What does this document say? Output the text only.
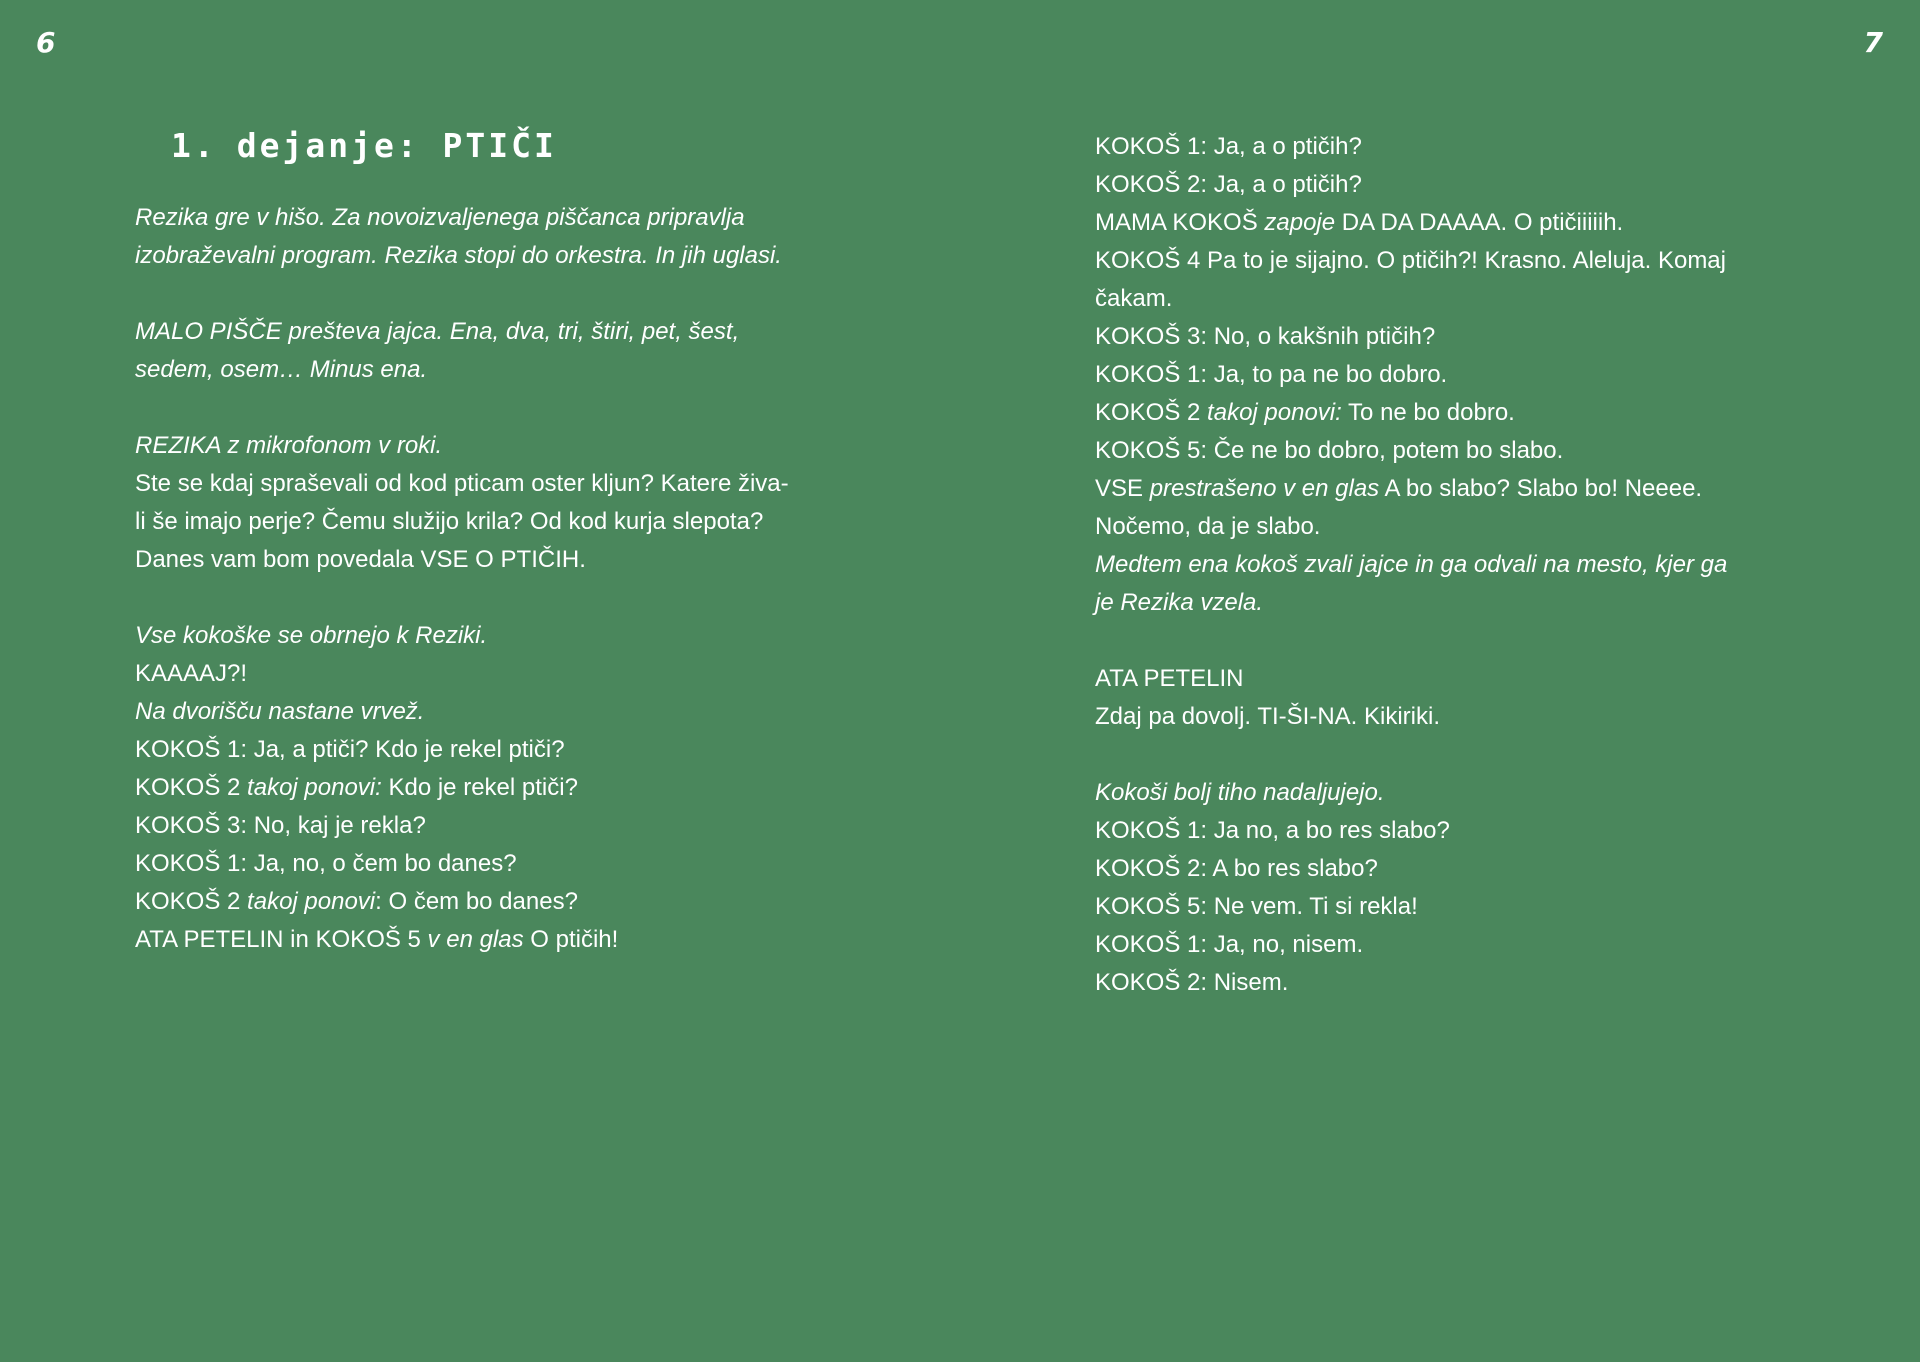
6	7
1. dejanje: PTIČI
Rezika gre v hišo. Za novoizvaljenega piščanca pripravlja
izobraževalni program. Rezika stopi do orkestra. In jih uglasi.
MALO PIŠČE prešteva jajca. Ena, dva, tri, štiri, pet, šest,
sedem, osem… Minus ena.
REZIKA z mikrofonom v roki.
Ste se kdaj spraševali od kod pticam oster kljun? Katere živa-
li še imajo perje? Čemu služijo krila? Od kod kurja slepota?
Danes vam bom povedala VSE O PTIČIH.
Vse kokoške se obrnejo k Reziki.
KAAAAJ?!
Na dvorišču nastane vrvež.
KOKOŠ 1: Ja, a ptiči? Kdo je rekel ptiči?
KOKOŠ 2 takoj ponovi: Kdo je rekel ptiči?
KOKOŠ 3: No, kaj je rekla?
KOKOŠ 1: Ja, no, o čem bo danes?
KOKOŠ 2 takoj ponovi: O čem bo danes?
ATA PETELIN in KOKOŠ 5 v en glas O ptičih!
KOKOŠ 1: Ja, a o ptičih?
KOKOŠ 2: Ja, a o ptičih?
MAMA KOKOŠ zapoje DA DA DAAAA. O ptičiiiiih.
KOKOŠ 4 Pa to je sijajno. O ptičih?! Krasno. Aleluja. Komaj
čakam.
KOKOŠ 3: No, o kakšnih ptičih?
KOKOŠ 1: Ja, to pa ne bo dobro.
KOKOŠ 2 takoj ponovi: To ne bo dobro.
KOKOŠ 5: Če ne bo dobro, potem bo slabo.
VSE prestrašeno v en glas A bo slabo? Slabo bo! Neeee.
Nočemo, da je slabo.
Medtem ena kokoš zvali jajce in ga odvali na mesto, kjer ga
je Rezika vzela.
ATA PETELIN
Zdaj pa dovolj. TI-ŠI-NA. Kikiriki.
Kokoši bolj tiho nadaljujejo.
KOKOŠ 1: Ja no, a bo res slabo?
KOKOŠ 2: A bo res slabo?
KOKOŠ 5: Ne vem. Ti si rekla!
KOKOŠ 1: Ja, no, nisem.
KOKOŠ 2: Nisem.
